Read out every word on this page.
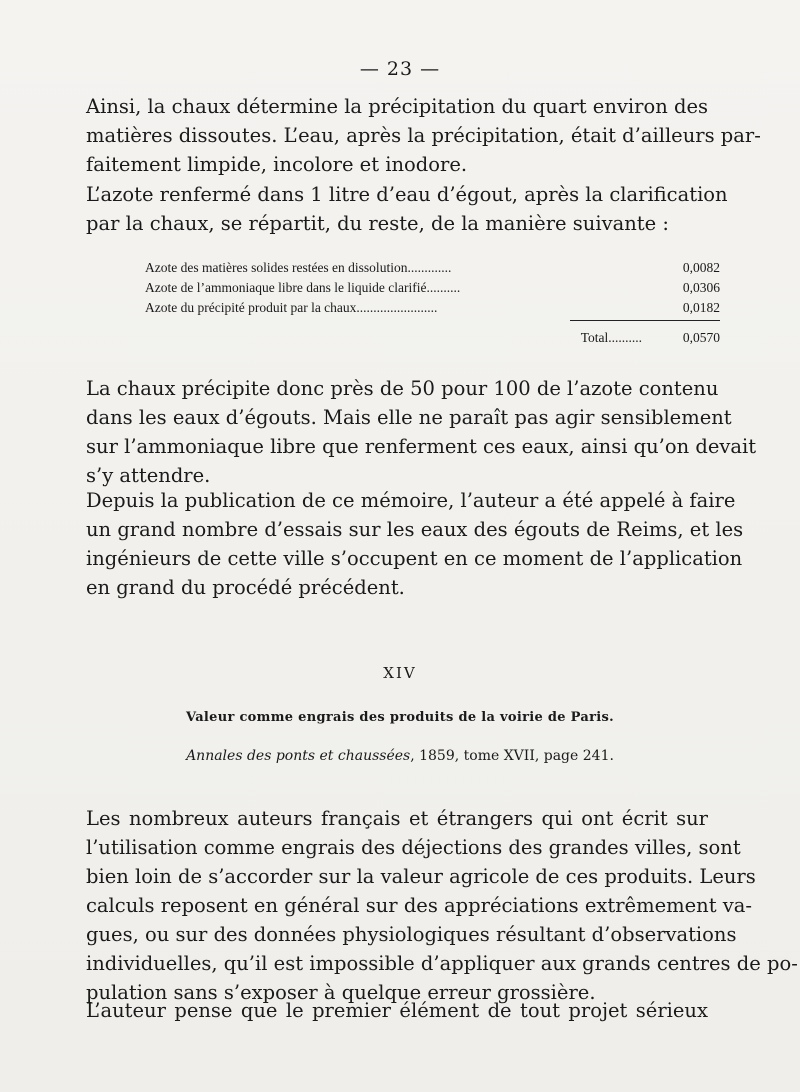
— 23 —
Ainsi, la chaux détermine la précipitation du quart environ des
matières dissoutes. L’eau, après la précipitation, était d’ailleurs par-
faitement limpide, incolore et inodore.
L’azote renfermé dans 1 litre d’eau d’égout, après la clarification
par la chaux, se répartit, du reste, de la manière suivante :
Azote des matières solides restées en dissolution.............	0,0082
Azote de l’ammoniaque libre dans le liquide clarifié..........	0,0306
Azote du précipité produit par la chaux........................	0,0182
Total..........	0,0570
La chaux précipite donc près de 50 pour 100 de l’azote contenu
dans les eaux d’égouts. Mais elle ne paraît pas agir sensiblement
sur l’ammoniaque libre que renferment ces eaux, ainsi qu’on devait
s’y attendre.
Depuis la publication de ce mémoire, l’auteur a été appelé à faire
un grand nombre d’essais sur les eaux des égouts de Reims, et les
ingénieurs de cette ville s’occupent en ce moment de l’application
en grand du procédé précédent.
XIV
Valeur comme engrais des produits de la voirie de Paris.
Annales des ponts et chaussées, 1859, tome XVII, page 241.
Les nombreux auteurs français et étrangers qui ont écrit sur
l’utilisation comme engrais des déjections des grandes villes, sont
bien loin de s’accorder sur la valeur agricole de ces produits. Leurs
calculs reposent en général sur des appréciations extrêmement va-
gues, ou sur des données physiologiques résultant d’observations
individuelles, qu’il est impossible d’appliquer aux grands centres de po-
pulation sans s’exposer à quelque erreur grossière.
L’auteur pense que le premier élément de tout projet sérieux
